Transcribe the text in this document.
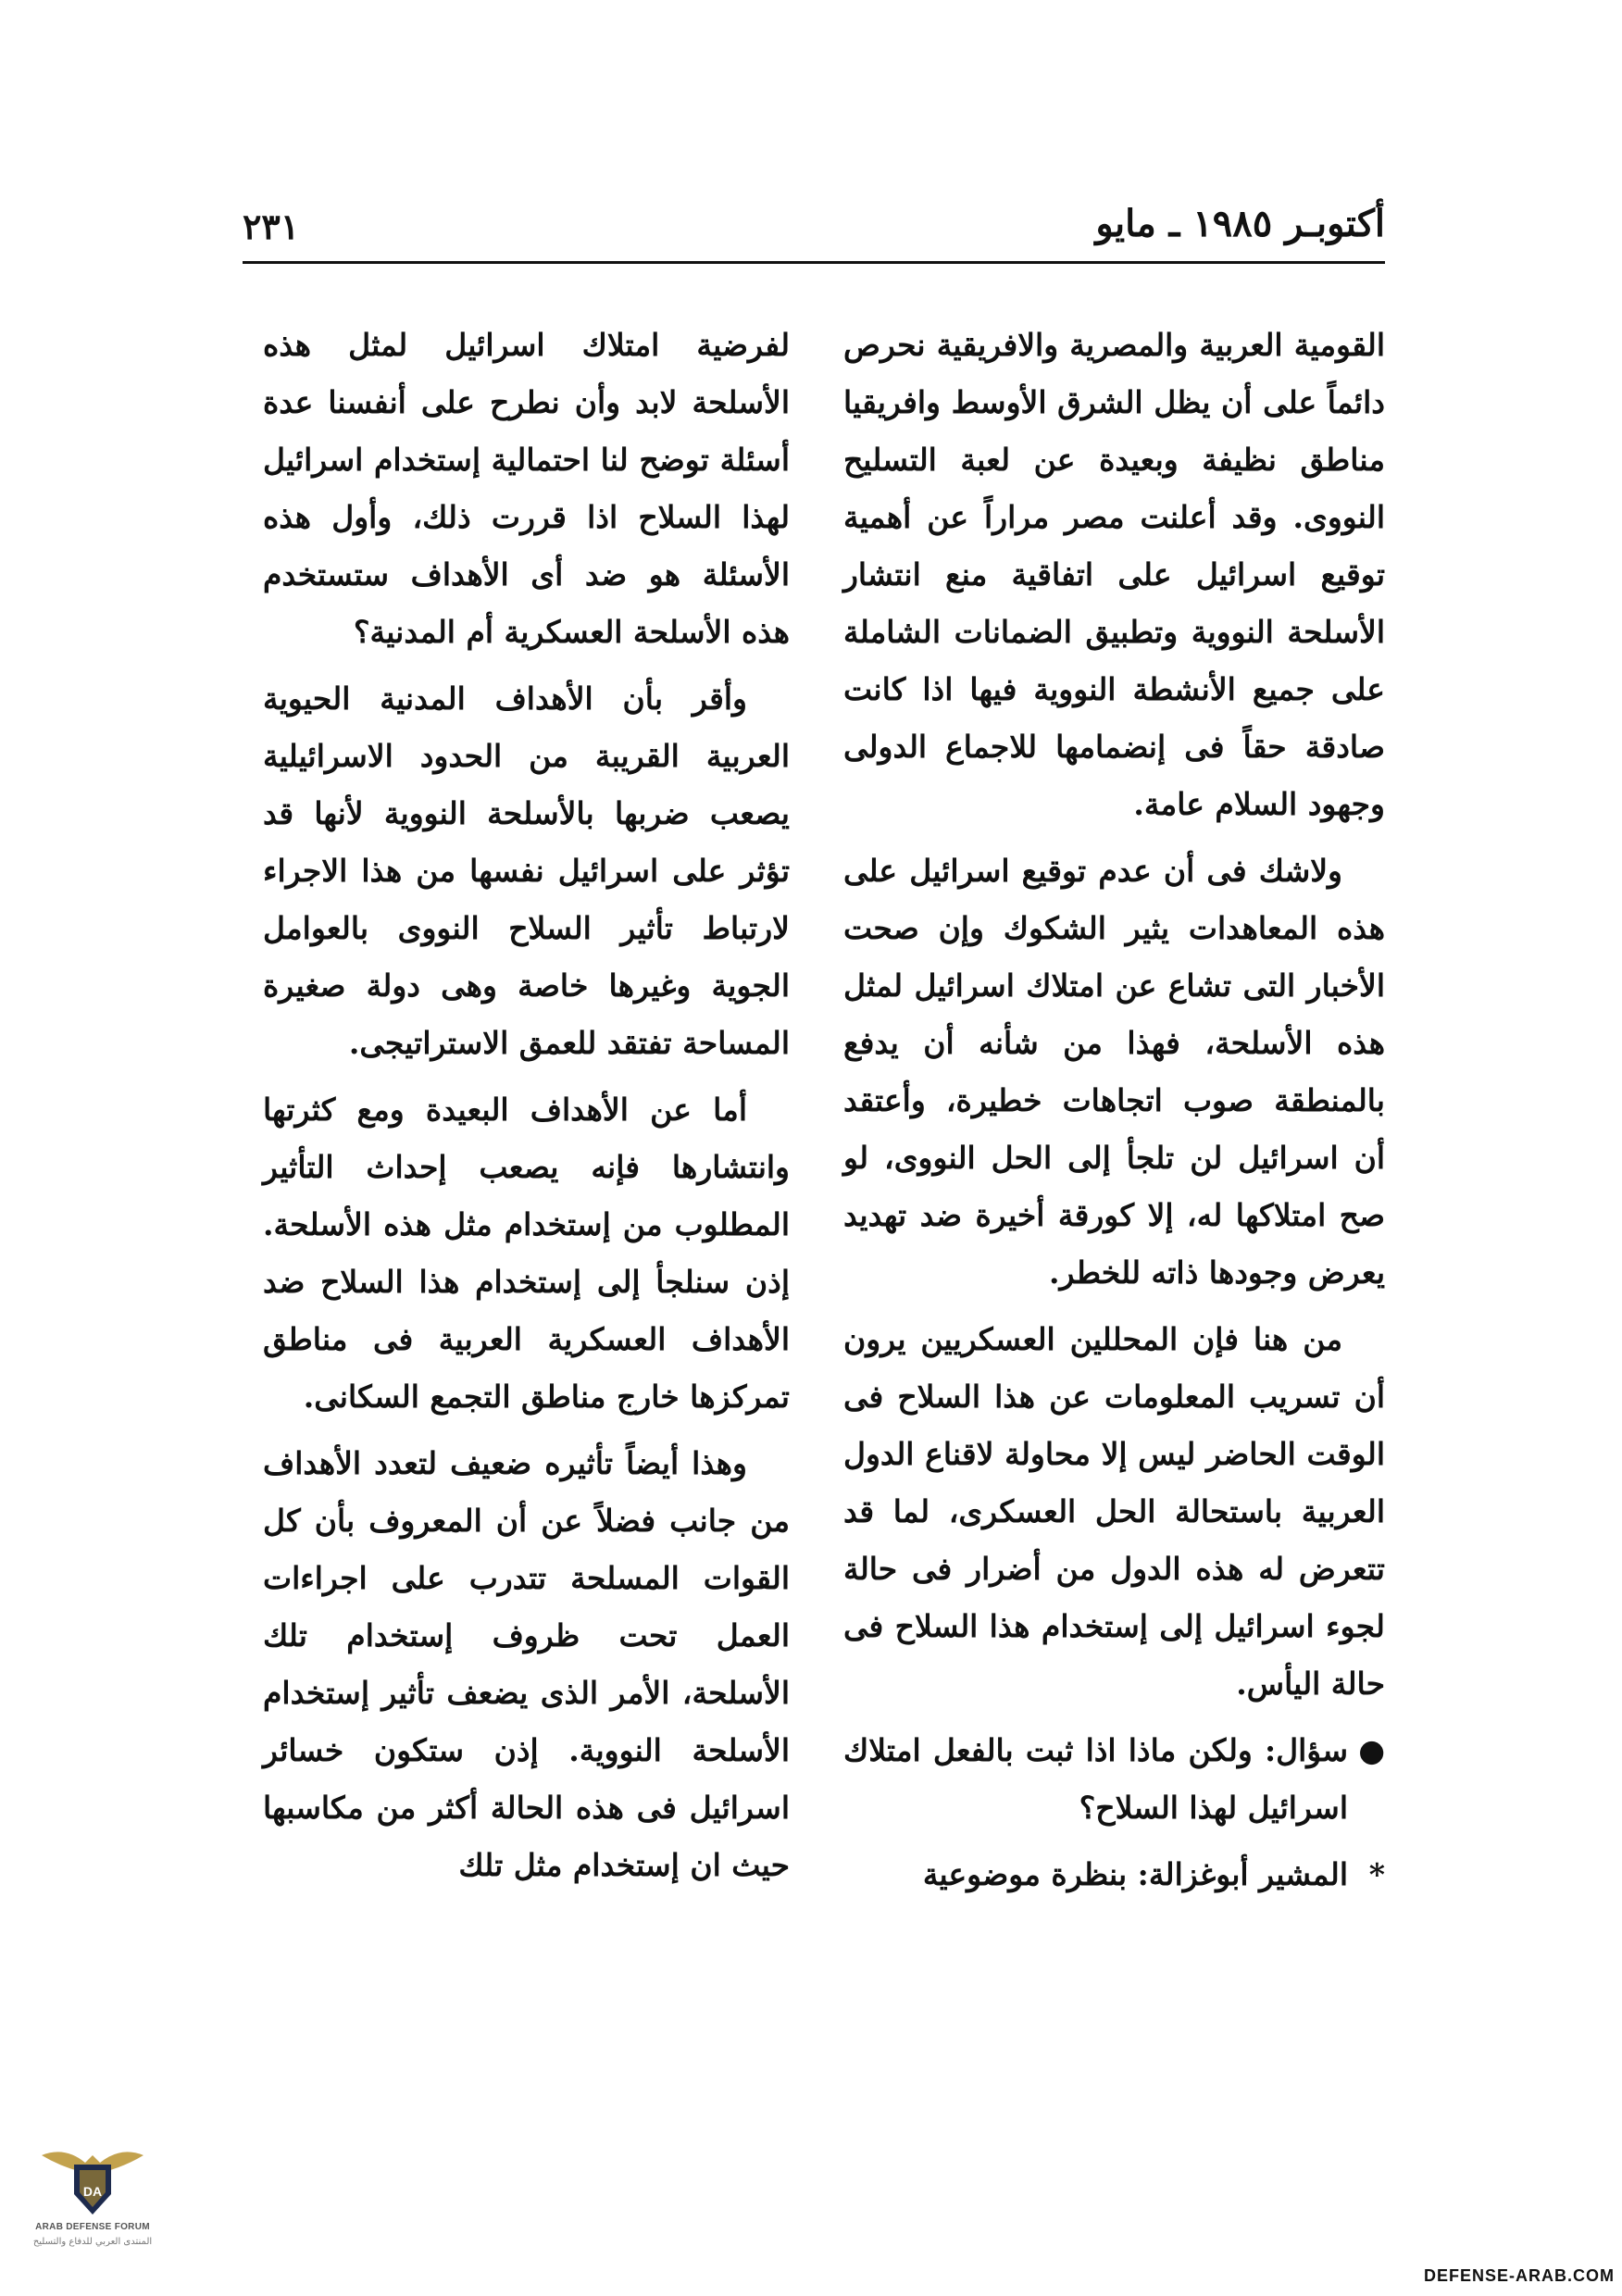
أكتوبـر ١٩٨٥ ـ مايو
٢٣١

القومية العربية والمصرية والافريقية نحرص دائماً على أن يظل الشرق الأوسط وافريقيا مناطق نظيفة وبعيدة عن لعبة التسليح النووى. وقد أعلنت مصر مراراً عن أهمية توقيع اسرائيل على اتفاقية منع انتشار الأسلحة النووية وتطبيق الضمانات الشاملة على جميع الأنشطة النووية فيها اذا كانت صادقة حقاً فى إنضمامها للاجماع الدولى وجهود السلام عامة.

ولاشك فى أن عدم توقيع اسرائيل على هذه المعاهدات يثير الشكوك وإن صحت الأخبار التى تشاع عن امتلاك اسرائيل لمثل هذه الأسلحة، فهذا من شأنه أن يدفع بالمنطقة صوب اتجاهات خطيرة، وأعتقد أن اسرائيل لن تلجأ إلى الحل النووى، لو صح امتلاكها له، إلا كورقة أخيرة ضد تهديد يعرض وجودها ذاته للخطر.

من هنا فإن المحللين العسكريين يرون أن تسريب المعلومات عن هذا السلاح فى الوقت الحاضر ليس إلا محاولة لاقناع الدول العربية باستحالة الحل العسكرى، لما قد تتعرض له هذه الدول من أضرار فى حالة لجوء اسرائيل إلى إستخدام هذا السلاح فى حالة اليأس.

●
سؤال: ولكن ماذا اذا ثبت بالفعل امتلاك اسرائيل لهذا السلاح؟

*
المشير أبوغزالة: بنظرة موضوعية

لفرضية امتلاك اسرائيل لمثل هذه الأسلحة لابد وأن نطرح على أنفسنا عدة أسئلة توضح لنا احتمالية إستخدام اسرائيل لهذا السلاح اذا قررت ذلك، وأول هذه الأسئلة هو ضد أى الأهداف ستستخدم هذه الأسلحة العسكرية أم المدنية؟

وأقر بأن الأهداف المدنية الحيوية العربية القريبة من الحدود الاسرائيلية يصعب ضربها بالأسلحة النووية لأنها قد تؤثر على اسرائيل نفسها من هذا الاجراء لارتباط تأثير السلاح النووى بالعوامل الجوية وغيرها خاصة وهى دولة صغيرة المساحة تفتقد للعمق الاستراتيجى.

أما عن الأهداف البعيدة ومع كثرتها وانتشارها فإنه يصعب إحداث التأثير المطلوب من إستخدام مثل هذه الأسلحة. إذن سنلجأ إلى إستخدام هذا السلاح ضد الأهداف العسكرية العربية فى مناطق تمركزها خارج مناطق التجمع السكانى.

وهذا أيضاً تأثيره ضعيف لتعدد الأهداف من جانب فضلاً عن أن المعروف بأن كل القوات المسلحة تتدرب على اجراءات العمل تحت ظروف إستخدام تلك الأسلحة، الأمر الذى يضعف تأثير إستخدام الأسلحة النووية. إذن ستكون خسائر اسرائيل فى هذه الحالة أكثر من مكاسبها حيث ان إستخدام مثل تلك

DA
ARAB DEFENSE FORUM
المنتدى العربي للدفاع والتسليح
DEFENSE-ARAB.COM
